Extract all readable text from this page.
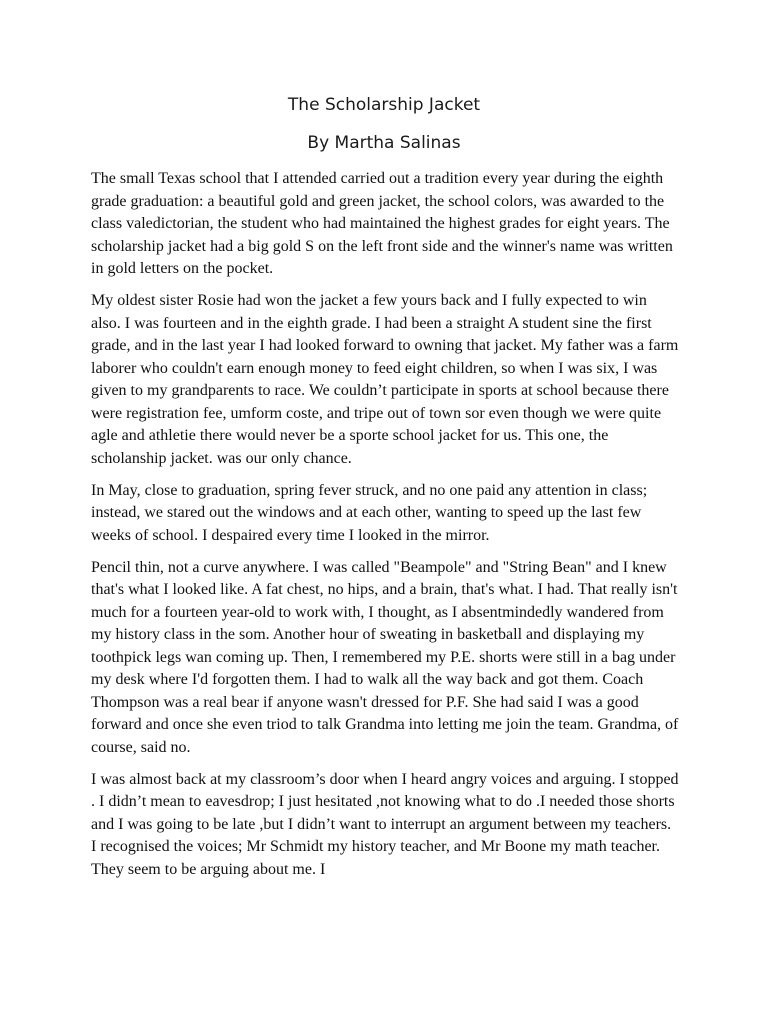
The Scholarship Jacket
By Martha Salinas

The small Texas school that I attended carried out a tradition every year during the eighth grade graduation: a beautiful gold and green jacket, the school colors, was awarded to the class valedictorian, the student who had maintained the highest grades for eight years. The scholarship jacket had a big gold S on the left front side and the winner's name was written in gold letters on the pocket.

My oldest sister Rosie had won the jacket a few yours back and I fully expected to win also. I was fourteen and in the eighth grade. I had been a straight A student sine the first grade, and in the last year I had looked forward to owning that jacket. My father was a farm laborer who couldn't earn enough money to feed eight children, so when I was six, I was given to my grandparents to race. We couldn’t participate in sports at school because there were registration fee, umform coste, and tripe out of town sor even though we were quite agle and athletie there would never be a sporte school jacket for us. This one, the scholanship jacket. was our only chance.

In May, close to graduation, spring fever struck, and no one paid any attention in class; instead, we stared out the windows and at each other, wanting to speed up the last few weeks of school. I despaired every time I looked in the mirror.

Pencil thin, not a curve anywhere. I was called "Beampole" and "String Bean" and I knew that's what I looked like. A fat chest, no hips, and a brain, that's what. I had. That really isn't much for a fourteen year-old to work with, I thought, as I absentmindedly wandered from my history class in the som. Another hour of sweating in basketball and displaying my toothpick legs wan coming up. Then, I remembered my P.E. shorts were still in a bag under my desk where I'd forgotten them. I had to walk all the way back and got them. Coach Thompson was a real bear if anyone wasn't dressed for P.F. She had said I was a good forward and once she even triod to talk Grandma into letting me join the team. Grandma, of course, said no.

I was almost back at my classroom’s door when I heard angry voices and arguing. I stopped . I didn’t mean to eavesdrop; I just hesitated ,not knowing what to do .I needed those shorts and I was going to be late ,but I didn’t want to interrupt an argument between my teachers. I recognised the voices; Mr Schmidt my history teacher, and Mr Boone my math teacher. They seem to be arguing about me. I
